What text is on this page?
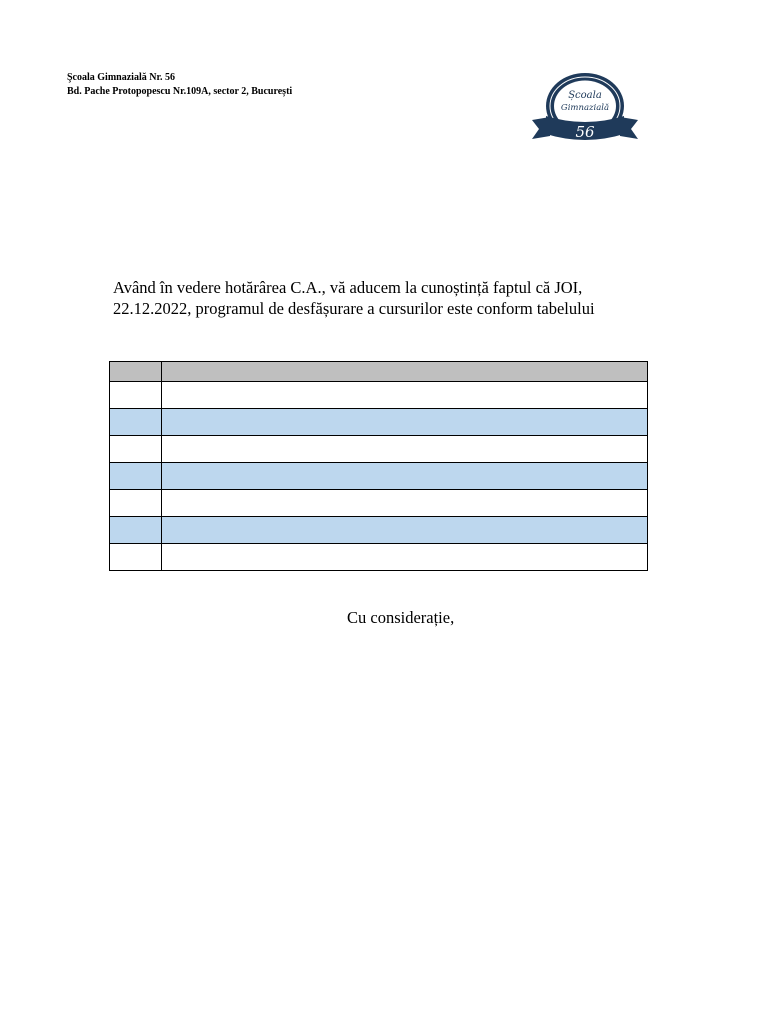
Şcoala Gimnazială Nr. 56
Bd. Pache Protopopescu Nr.109A, sector 2, București	Școala
Gimnazială
56
Având în vedere hotărârea C.A., vă aducem la cunoștință faptul că JOI,
22.12.2022, programul de desfășurare a cursurilor este conform tabelului

Cu considerație,
